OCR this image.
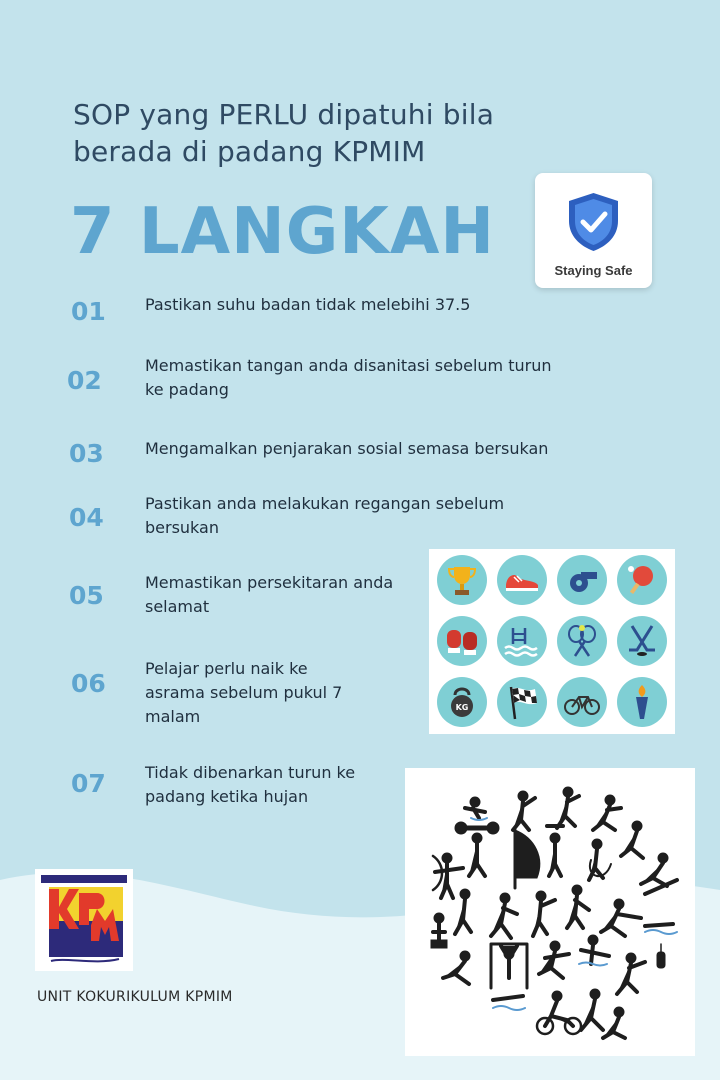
SOP yang PERLU dipatuhi bila berada di padang KPMIM
7 LANGKAH
Staying Safe
01 Pastikan suhu badan tidak melebihi 37.5
02
Memastikan tangan anda disanitasi sebelum turun ke padang
03	Mengamalkan penjarakan sosial semasa bersukan
04	Pastikan anda melakukan regangan sebelum bersukan
05	Memastikan persekitaran anda selamat
06
Pelajar perlu naik ke asrama sebelum pukul 7 malam
07 Tidak dibenarkan turun ke padang ketika hujan
KG
UNIT KOKURIKULUM KPMIM
